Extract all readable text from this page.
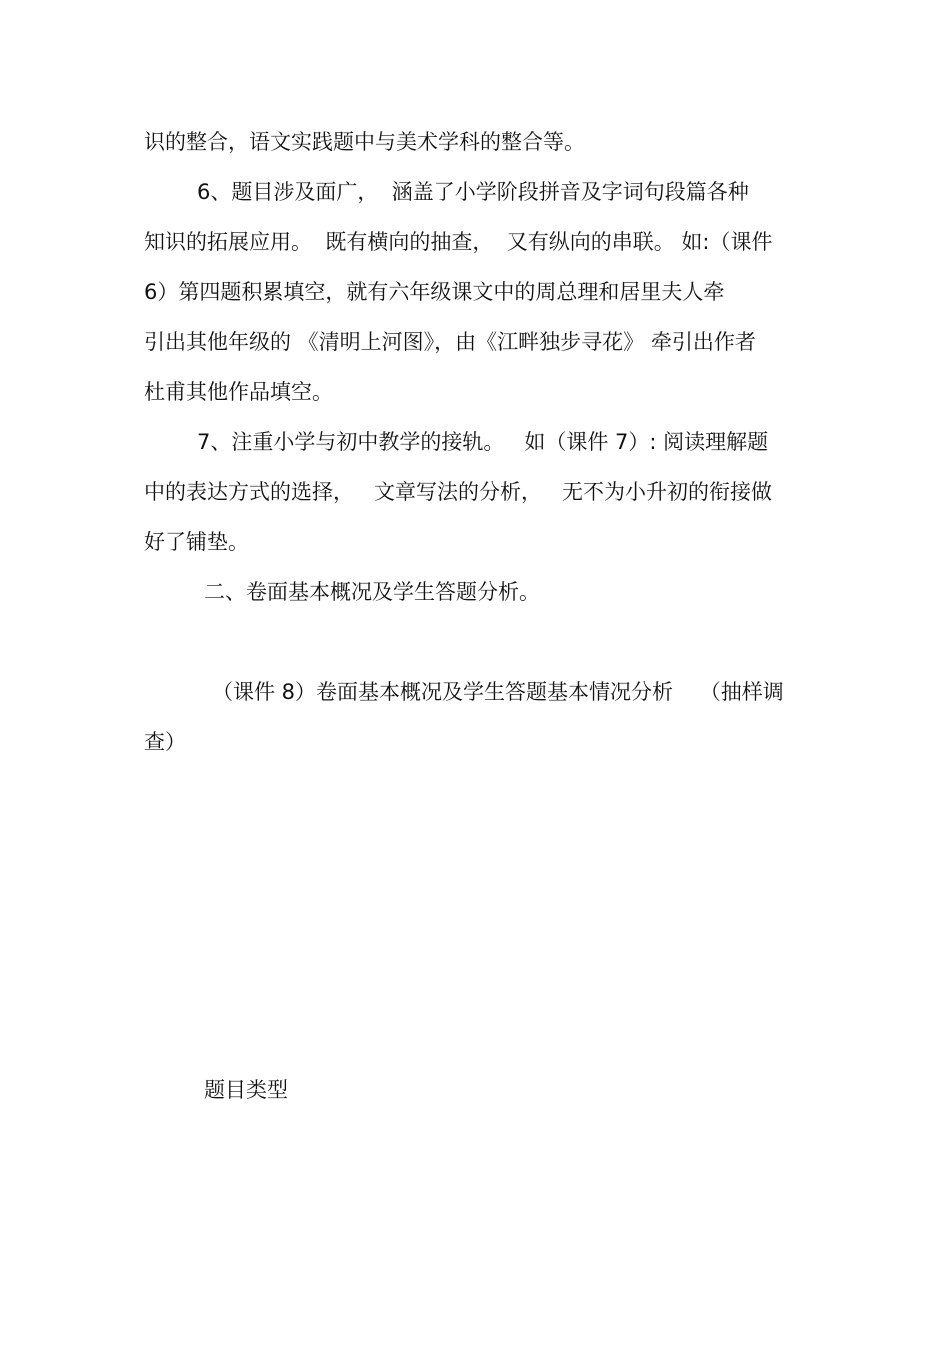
识的整合，语文实践题中与美术学科的整合等。
6、题目涉及面广，  涵盖了小学阶段拼音及字词句段篇各种
知识的拓展应用。  既有横向的抽查，  又有纵向的串联。 如:（课件
6）第四题积累填空，就有六年级课文中的周总理和居里夫人牵
引出其他年级的 《清明上河图》，由《江畔独步寻花》 牵引出作者
杜甫其他作品填空。
7、注重小学与初中教学的接轨。   如（课件 7）: 阅读理解题
中的表达方式的选择，   文章写法的分析，   无不为小升初的衔接做
好了铺垫。
二、卷面基本概况及学生答题分析。
（课件 8）卷面基本概况及学生答题基本情况分析    （抽样调
查）
题目类型
